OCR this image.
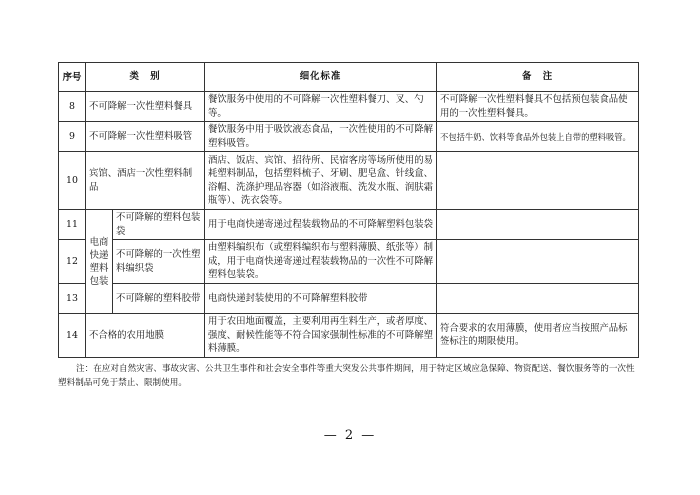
序号	类　别		细化标准	备　注
8	不可降解一次性塑料餐具		餐饮服务中使用的不可降解一次性塑料餐刀、叉、勺等。	不可降解一次性塑料餐具不包括预包装食品使用的一次性塑料餐具。
9	不可降解一次性塑料吸管		餐饮服务中用于吸饮液态食品，一次性使用的不可降解塑料吸管。	不包括牛奶、饮料等食品外包装上自带的塑料吸管。
10	宾馆、酒店一次性塑料制品		酒店、饭店、宾馆、招待所、民宿客房等场所使用的易耗塑料制品，包括塑料梳子、牙刷、肥皂盒、针线盒、浴帽、洗涤护理品容器（如浴液瓶、洗发水瓶、润肤霜瓶等）、洗衣袋等。	
11	电商快递塑料包装	不可降解的塑料包装袋	用于电商快递寄递过程装载物品的不可降解塑料包装袋	
12		不可降解的一次性塑料编织袋	由塑料编织布（或塑料编织布与塑料薄膜、纸张等）制成，用于电商快递寄递过程装载物品的一次性不可降解塑料包装袋。	
13		不可降解的塑料胶带	电商快递封装使用的不可降解塑料胶带	
14	不合格的农用地膜		用于农田地面覆盖，主要利用再生料生产，或者厚度、强度、耐候性能等不符合国家强制性标准的不可降解塑料薄膜。	符合要求的农用薄膜，使用者应当按照产品标签标注的期限使用。
注：在应对自然灾害、事故灾害、公共卫生事件和社会安全事件等重大突发公共事件期间，用于特定区域应急保障、物资配送、餐饮服务等的一次性塑料制品可免于禁止、限制使用。
— 2 —
